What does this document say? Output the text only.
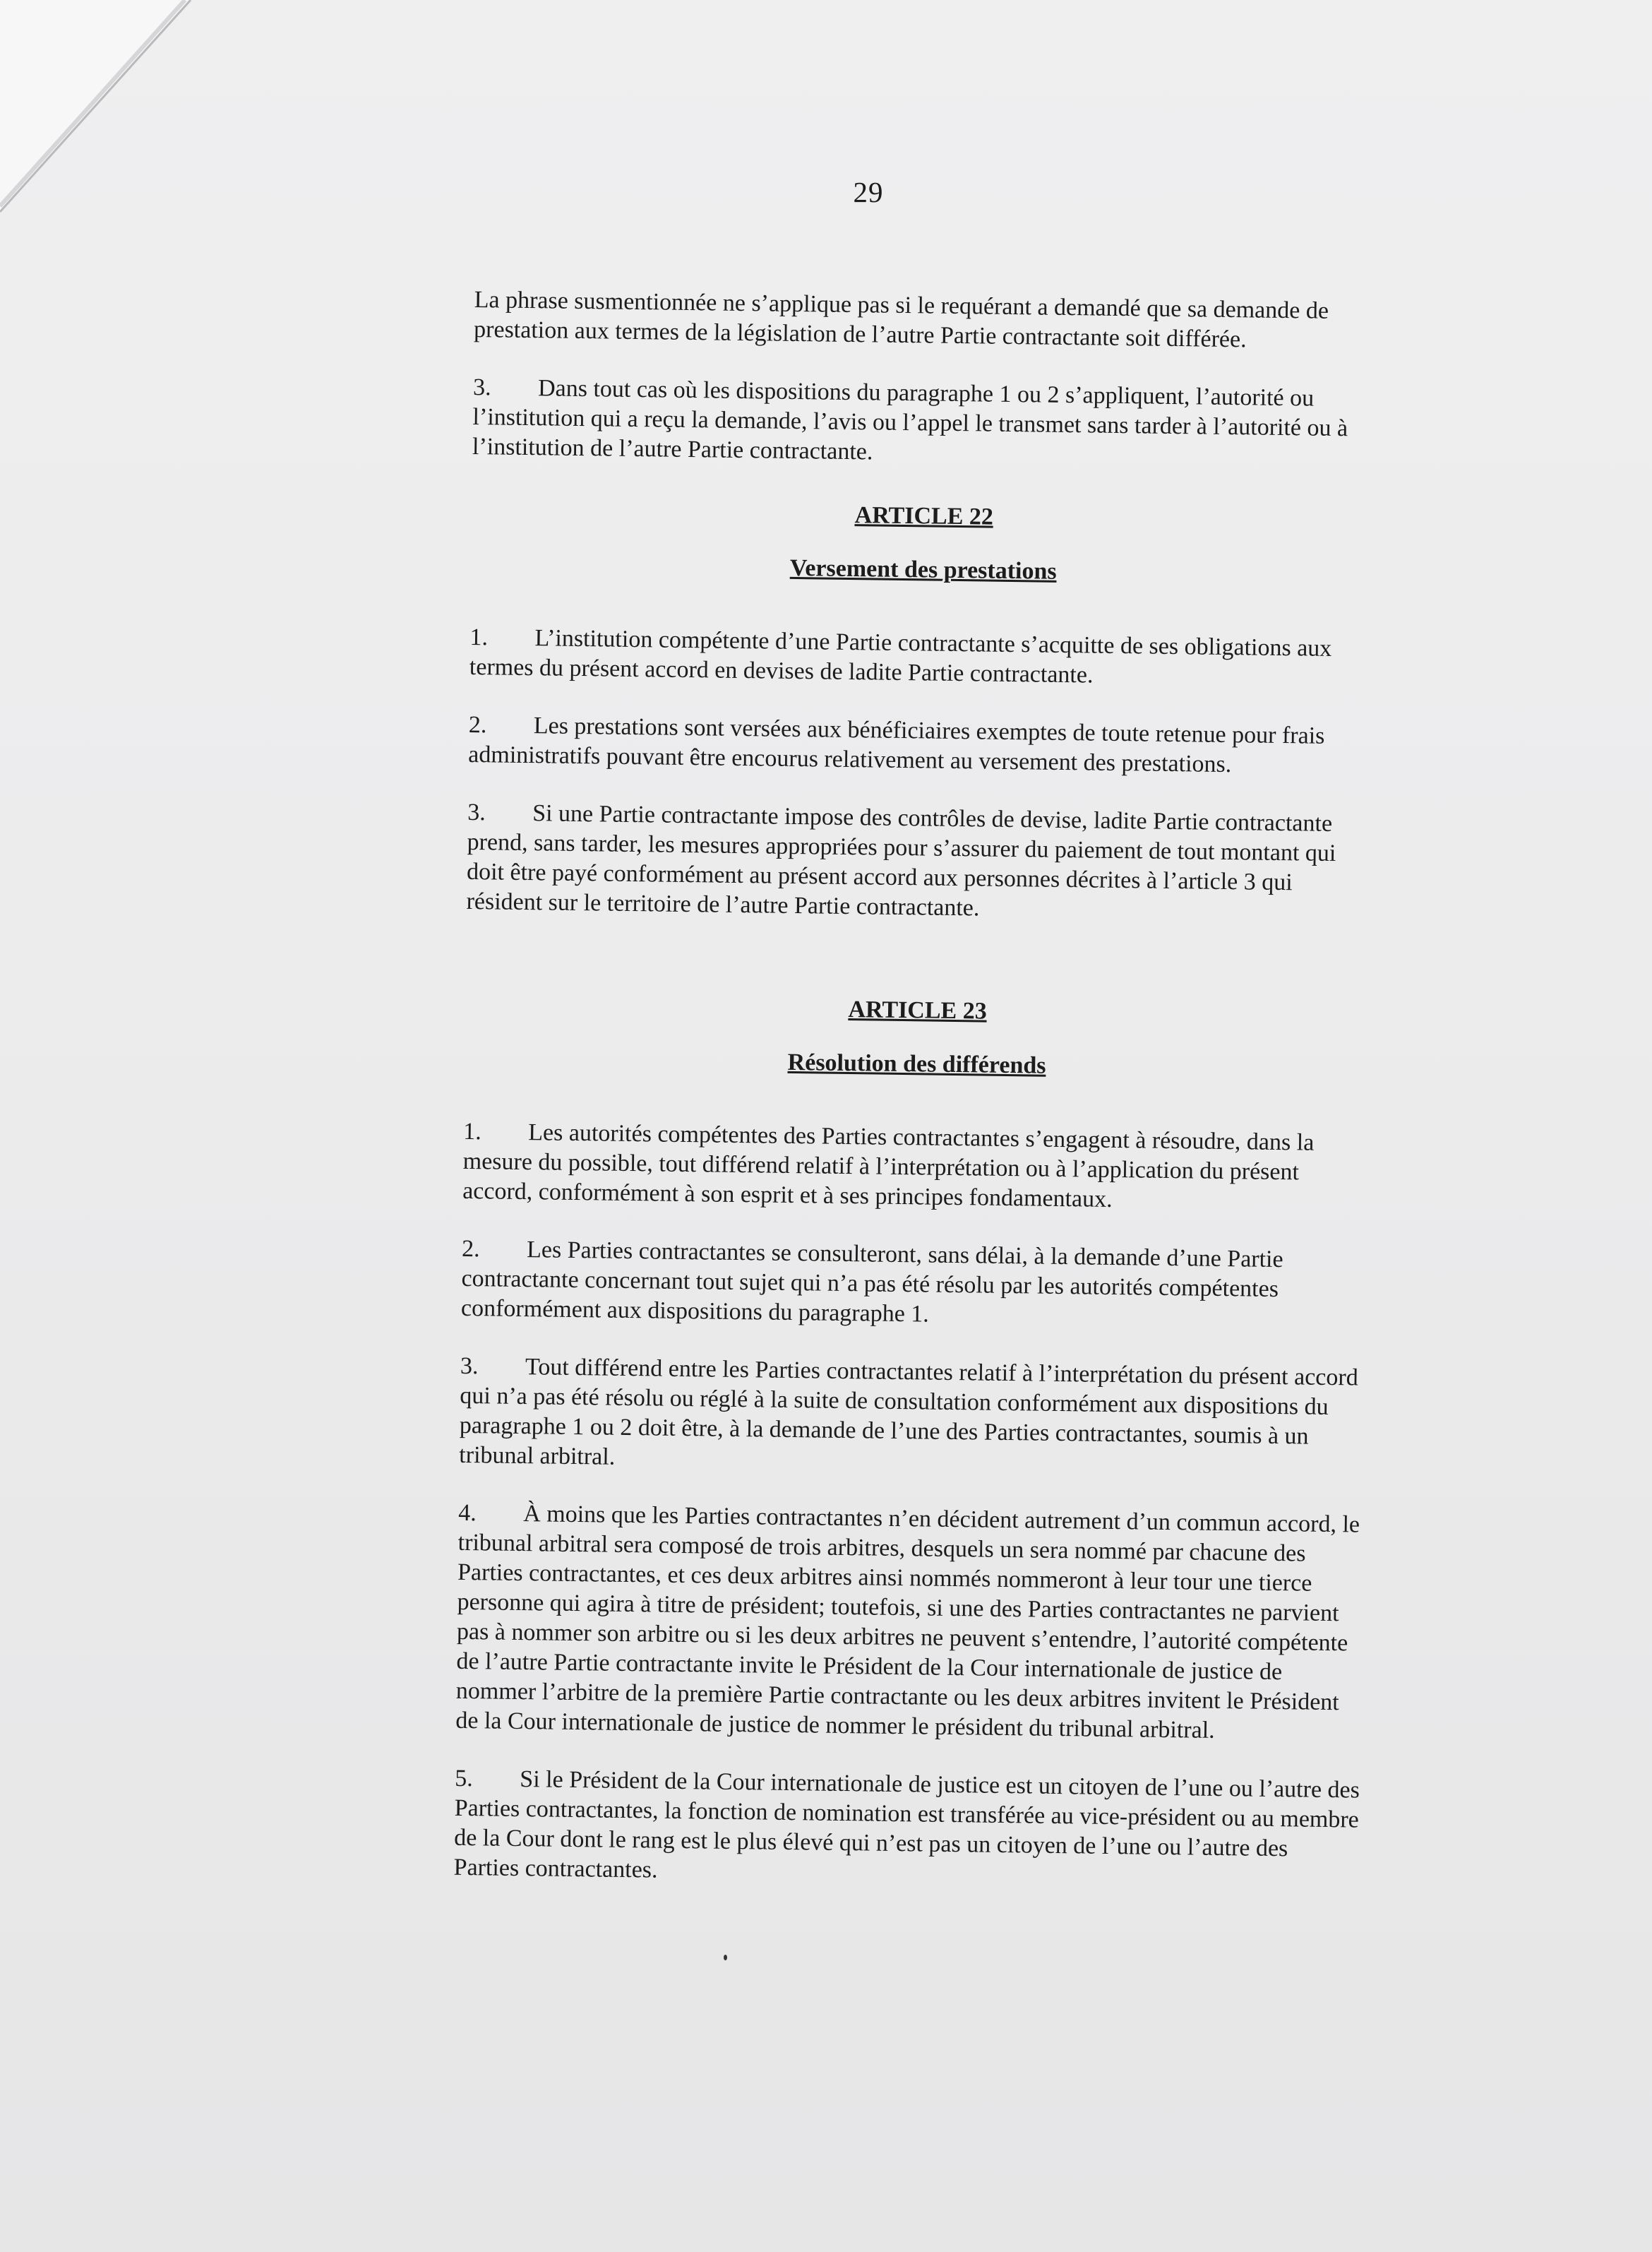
29

La phrase susmentionnée ne s’applique pas si le requérant a demandé que sa demande de prestation aux termes de la législation de l’autre Partie contractante soit différée.

3. Dans tout cas où les dispositions du paragraphe 1 ou 2 s’appliquent, l’autorité ou l’institution qui a reçu la demande, l’avis ou l’appel le transmet sans tarder à l’autorité ou à l’institution de l’autre Partie contractante.

ARTICLE 22
Versement des prestations

1. L’institution compétente d’une Partie contractante s’acquitte de ses obligations aux termes du présent accord en devises de ladite Partie contractante.

2. Les prestations sont versées aux bénéficiaires exemptes de toute retenue pour frais administratifs pouvant être encourus relativement au versement des prestations.

3. Si une Partie contractante impose des contrôles de devise, ladite Partie contractante prend, sans tarder, les mesures appropriées pour s’assurer du paiement de tout montant qui doit être payé conformément au présent accord aux personnes décrites à l’article 3 qui résident sur le territoire de l’autre Partie contractante.

ARTICLE 23
Résolution des différends

1. Les autorités compétentes des Parties contractantes s’engagent à résoudre, dans la mesure du possible, tout différend relatif à l’interprétation ou à l’application du présent accord, conformément à son esprit et à ses principes fondamentaux.

2. Les Parties contractantes se consulteront, sans délai, à la demande d’une Partie contractante concernant tout sujet qui n’a pas été résolu par les autorités compétentes conformément aux dispositions du paragraphe 1.

3. Tout différend entre les Parties contractantes relatif à l’interprétation du présent accord qui n’a pas été résolu ou réglé à la suite de consultation conformément aux dispositions du paragraphe 1 ou 2 doit être, à la demande de l’une des Parties contractantes, soumis à un tribunal arbitral.

4. À moins que les Parties contractantes n’en décident autrement d’un commun accord, le tribunal arbitral sera composé de trois arbitres, desquels un sera nommé par chacune des Parties contractantes, et ces deux arbitres ainsi nommés nommeront à leur tour une tierce personne qui agira à titre de président; toutefois, si une des Parties contractantes ne parvient pas à nommer son arbitre ou si les deux arbitres ne peuvent s’entendre, l’autorité compétente de l’autre Partie contractante invite le Président de la Cour internationale de justice de nommer l’arbitre de la première Partie contractante ou les deux arbitres invitent le Président de la Cour internationale de justice de nommer le président du tribunal arbitral.

5. Si le Président de la Cour internationale de justice est un citoyen de l’une ou l’autre des Parties contractantes, la fonction de nomination est transférée au vice-président ou au membre de la Cour dont le rang est le plus élevé qui n’est pas un citoyen de l’une ou l’autre des Parties contractantes.
